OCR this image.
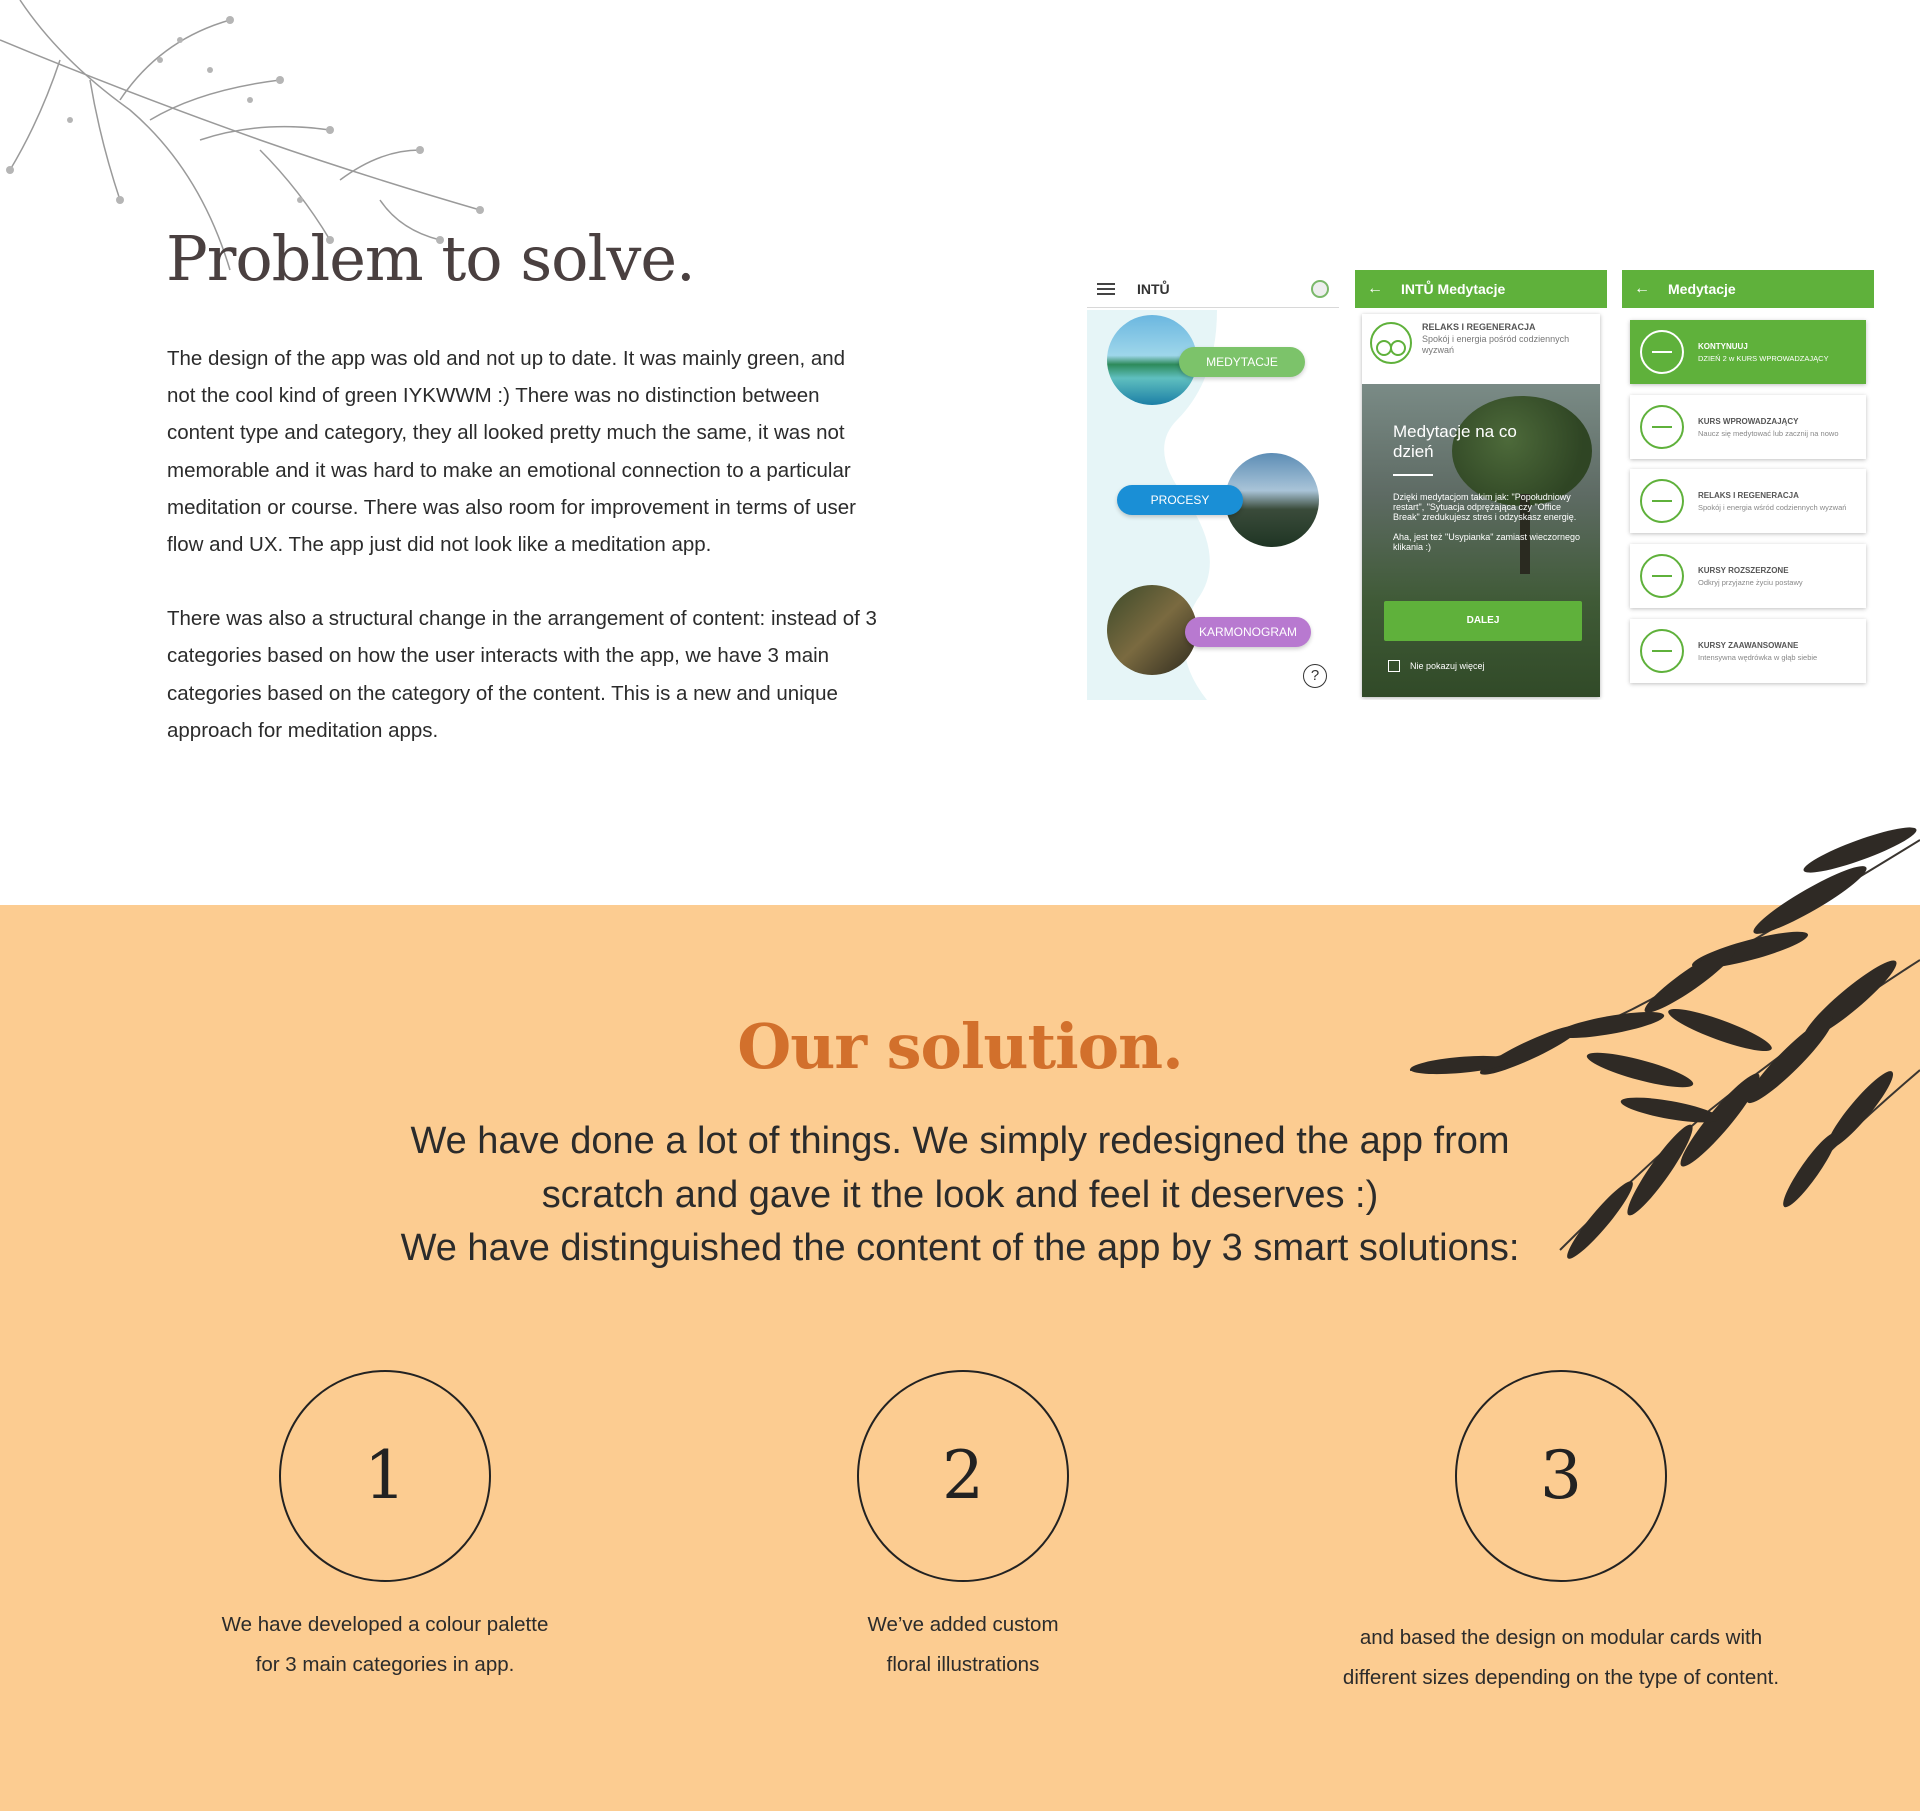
Problem to solve.

The design of the app was old and not up to date. It was mainly green, and not the cool kind of green IYKWWM :) There was no distinction between content type and category, they all looked pretty much the same, it was not memorable and it was hard to make an emotional connection to a particular meditation or course. There was also room for improvement in terms of user flow and UX. The app just did not look like a meditation app.

There was also a structural change in the arrangement of content: instead of 3 categories based on how the user interacts with the app, we have 3 main categories based on the category of the content. This is a new and unique approach for meditation apps.

INTŮ
MEDYTACJE
PROCESY
KARMONOGRAM
?
← INTŮ Medytacje
RELAKS I REGENERACJA
Spokój i energia pośród codziennych wyzwań
Medytacje na co dzień
Dzięki medytacjom takim jak: "Popołudniowy restart", "Sytuacja odprężająca czy "Office Break" zredukujesz stres i odzyskasz energię.
Aha, jest też "Usypianka" zamiast wieczornego klikania :)
DALEJ
Nie pokazuj więcej
← Medytacje
KONTYNUUJ
DZIEŃ 2 w KURS WPROWADZAJĄCY
KURS WPROWADZAJĄCY
Naucz się medytować lub zacznij na nowo
RELAKS I REGENERACJA
Spokój i energia wśród codziennych wyzwań
KURSY ROZSZERZONE
Odkryj przyjazne życiu postawy
KURSY ZAAWANSOWANE
Intensywna wędrówka w głąb siebie
Our solution.
We have done a lot of things. We simply redesigned the app from
scratch and gave it the look and feel it deserves :)
We have distinguished the content of the app by 3 smart solutions:
1
We have developed a colour palette
for 3 main categories in app.
2
We’ve added custom
floral illustrations
3
and based the design on modular cards with
different sizes depending on the type of content.
